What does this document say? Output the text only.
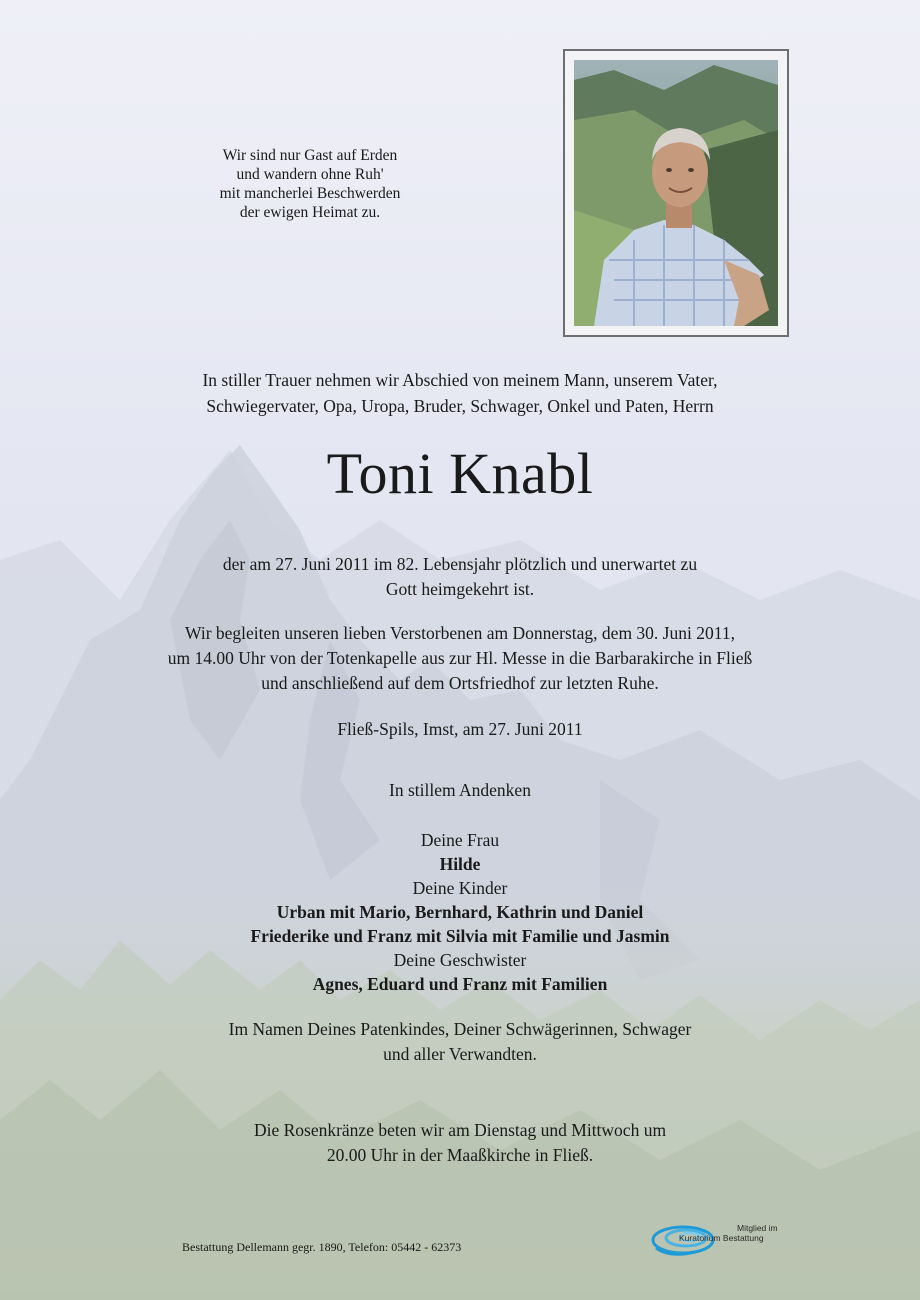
Wir sind nur Gast auf Erden
und wandern ohne Ruh'
mit mancherlei Beschwerden
der ewigen Heimat zu.
In stiller Trauer nehmen wir Abschied von meinem Mann, unserem Vater,
Schwiegervater, Opa, Uropa, Bruder, Schwager, Onkel und Paten, Herrn
Toni Knabl
der am 27. Juni 2011 im 82. Lebensjahr plötzlich und unerwartet zu
Gott heimgekehrt ist.
Wir begleiten unseren lieben Verstorbenen am Donnerstag, dem 30. Juni 2011,
um 14.00 Uhr von der Totenkapelle aus zur Hl. Messe in die Barbarakirche in Fließ
und anschließend auf dem Ortsfriedhof zur letzten Ruhe.
Fließ-Spils, Imst, am 27. Juni 2011
In stillem Andenken
Deine Frau
Hilde
Deine Kinder
Urban mit Mario, Bernhard, Kathrin und Daniel
Friederike und Franz mit Silvia mit Familie und Jasmin
Deine Geschwister
Agnes, Eduard und Franz mit Familien
Im Namen Deines Patenkindes, Deiner Schwägerinnen, Schwager
und aller Verwandten.
Die Rosenkränze beten wir am Dienstag und Mittwoch um
20.00 Uhr in der Maaßkirche in Fließ.
Bestattung Dellemann gegr. 1890, Telefon: 05442 - 62373
Mitglied im
Kuratorium Bestattung
